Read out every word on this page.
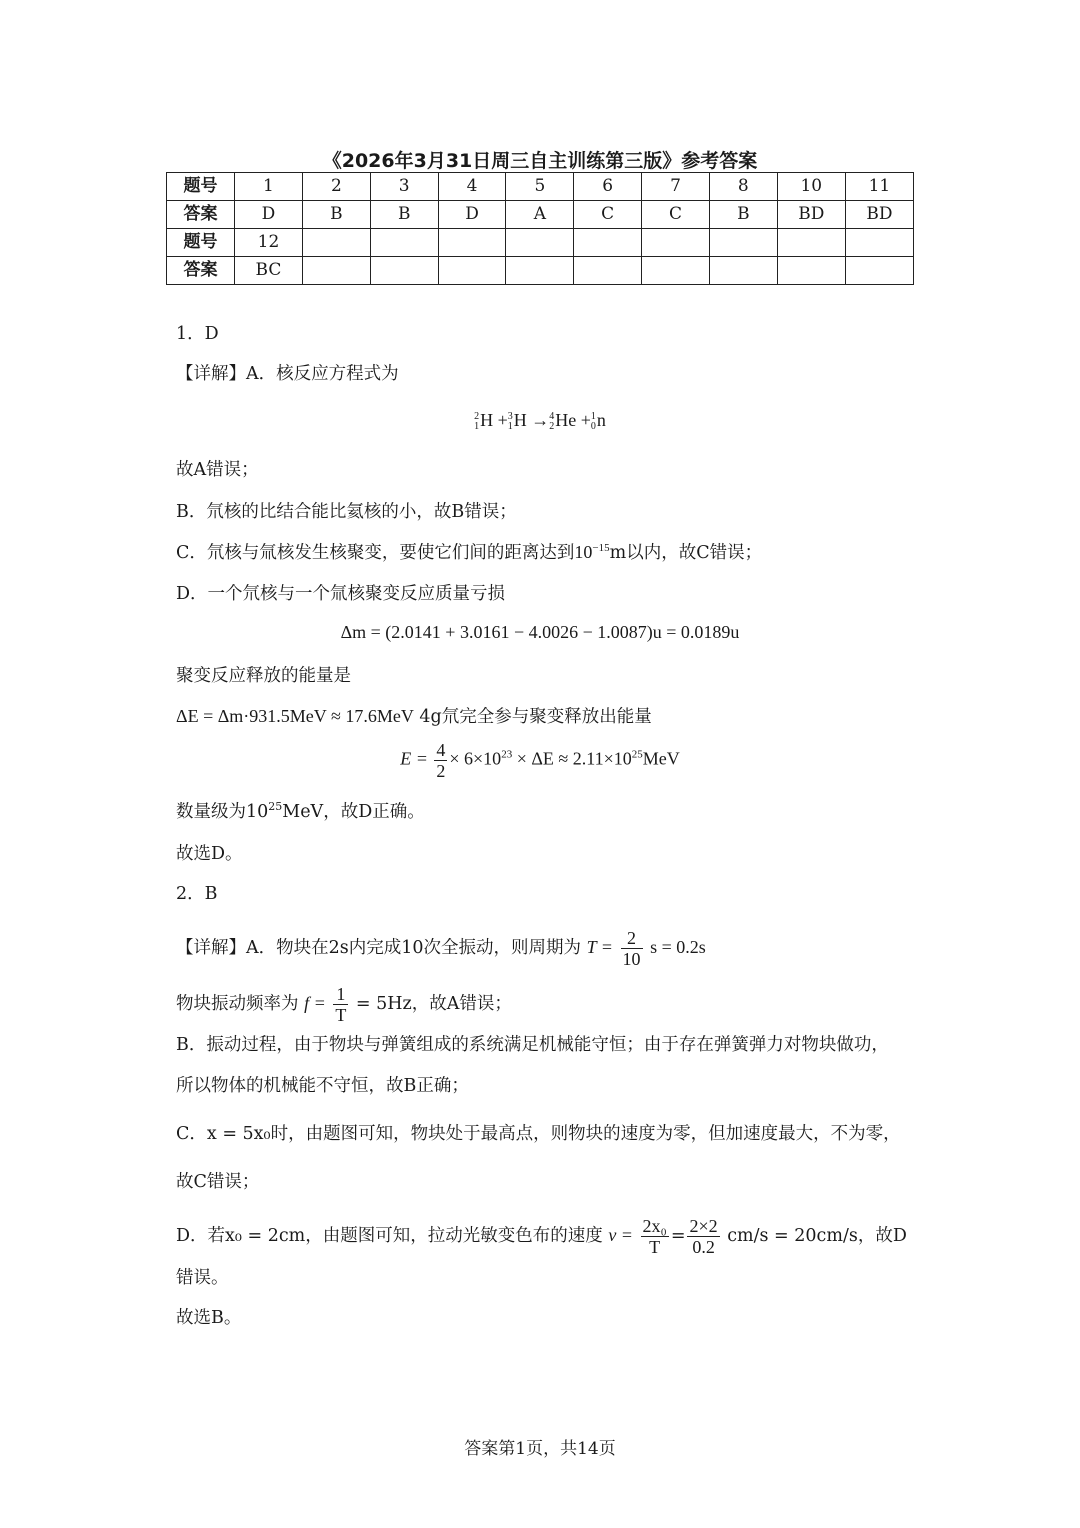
《2026年3月31日周三自主训练第三版》参考答案
题号	1	2	3	4	5	6	7	8	10	11
答案	D	B	B	D	A	C	C	B	BD	BD
题号	12									
答案	BC									
1．D
【详解】A．核反应方程式为
2
1 H + 3
1 H → 4
2 He + 1
0 n
故A错误；
B．氘核的比结合能比氦核的小，故B错误；
C．氘核与氚核发生核聚变，要使它们间的距离达到$10^{-15}m$以内，故C错误；
D．一个氘核与一个氚核聚变反应质量亏损
Δm = (2.0141 + 3.0161 − 4.0026 − 1.0087)u = 0.0189u
聚变反应释放的能量是
ΔE = Δm·931.5MeV ≈ 17.6MeV 4g氘完全参与聚变释放出能量
$E = \frac{4}{2} \times 6\times 10^{23} \times \Delta E \approx 2.11\times 10^{25}MeV$
数量级为$10^{25}MeV$，故D正确。
故选D。
2．B
【详解】A．物块在2s内完成10次全振动，则周期为 $T = \frac{2}{10}$ s = 0.2s
物块振动频率为 $f = \frac{1}{T} = 5Hz$，故A错误；
B．振动过程，由于物块与弹簧组成的系统满足机械能守恒；由于存在弹簧弹力对物块做功，
所以物体的机械能不守恒，故B正确；
C．x = 5x₀时，由题图可知，物块处于最高点，则物块的速度为零，但加速度最大，不为零，
故C错误；
D．若x₀ = 2cm，由题图可知，拉动光敏变色布的速度 $v = \frac{\text{2x₀}}{T} = \frac{2\times 2}{0.2} cm/s = 20cm/s$，故D
错误。
故选B。
答案第1页，共14页
